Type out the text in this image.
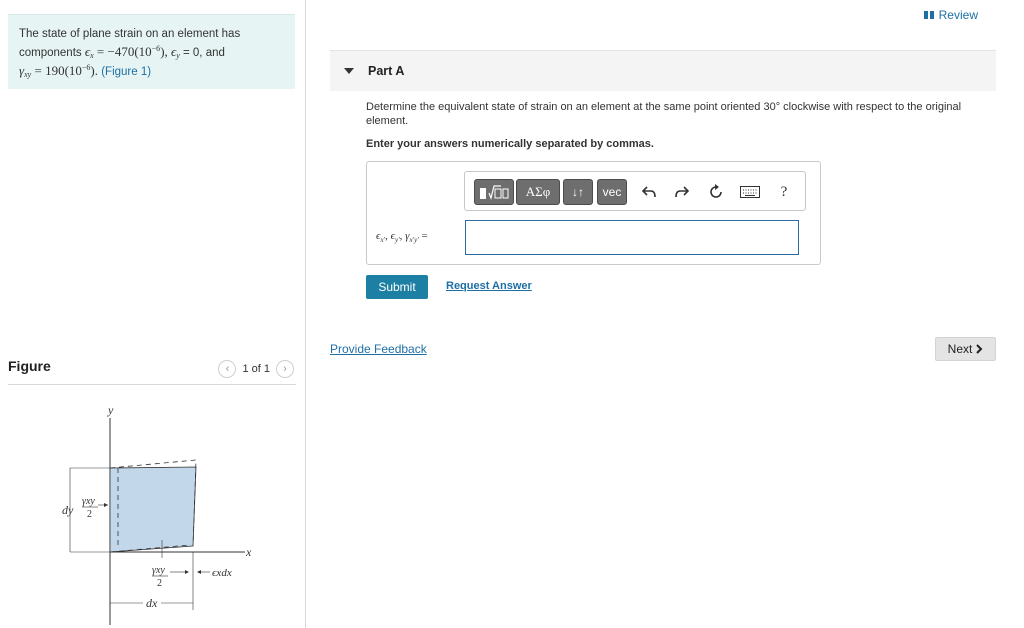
The state of plane strain on an element has components $\epsilon_x = -470(10^{-6})$, $\epsilon_y = 0$, and
$\gamma_{xy} = 190(10^{-6})$. (Figure 1)
Figure	‹	1 of 1	›
y
x
dy
γxy
2
γxy
2
ϵxdx
dx
Review
Part A
Determine the equivalent state of strain on an element at the same point oriented 30° clockwise with respect to the original element.
Enter your answers numerically separated by commas.
ΑΣφ	↓↑	vec	?
$\epsilon_{x'}$, $\epsilon_{y'}$, $\gamma_{x'y'}$ =
Submit	Request Answer
Provide Feedback	Next
